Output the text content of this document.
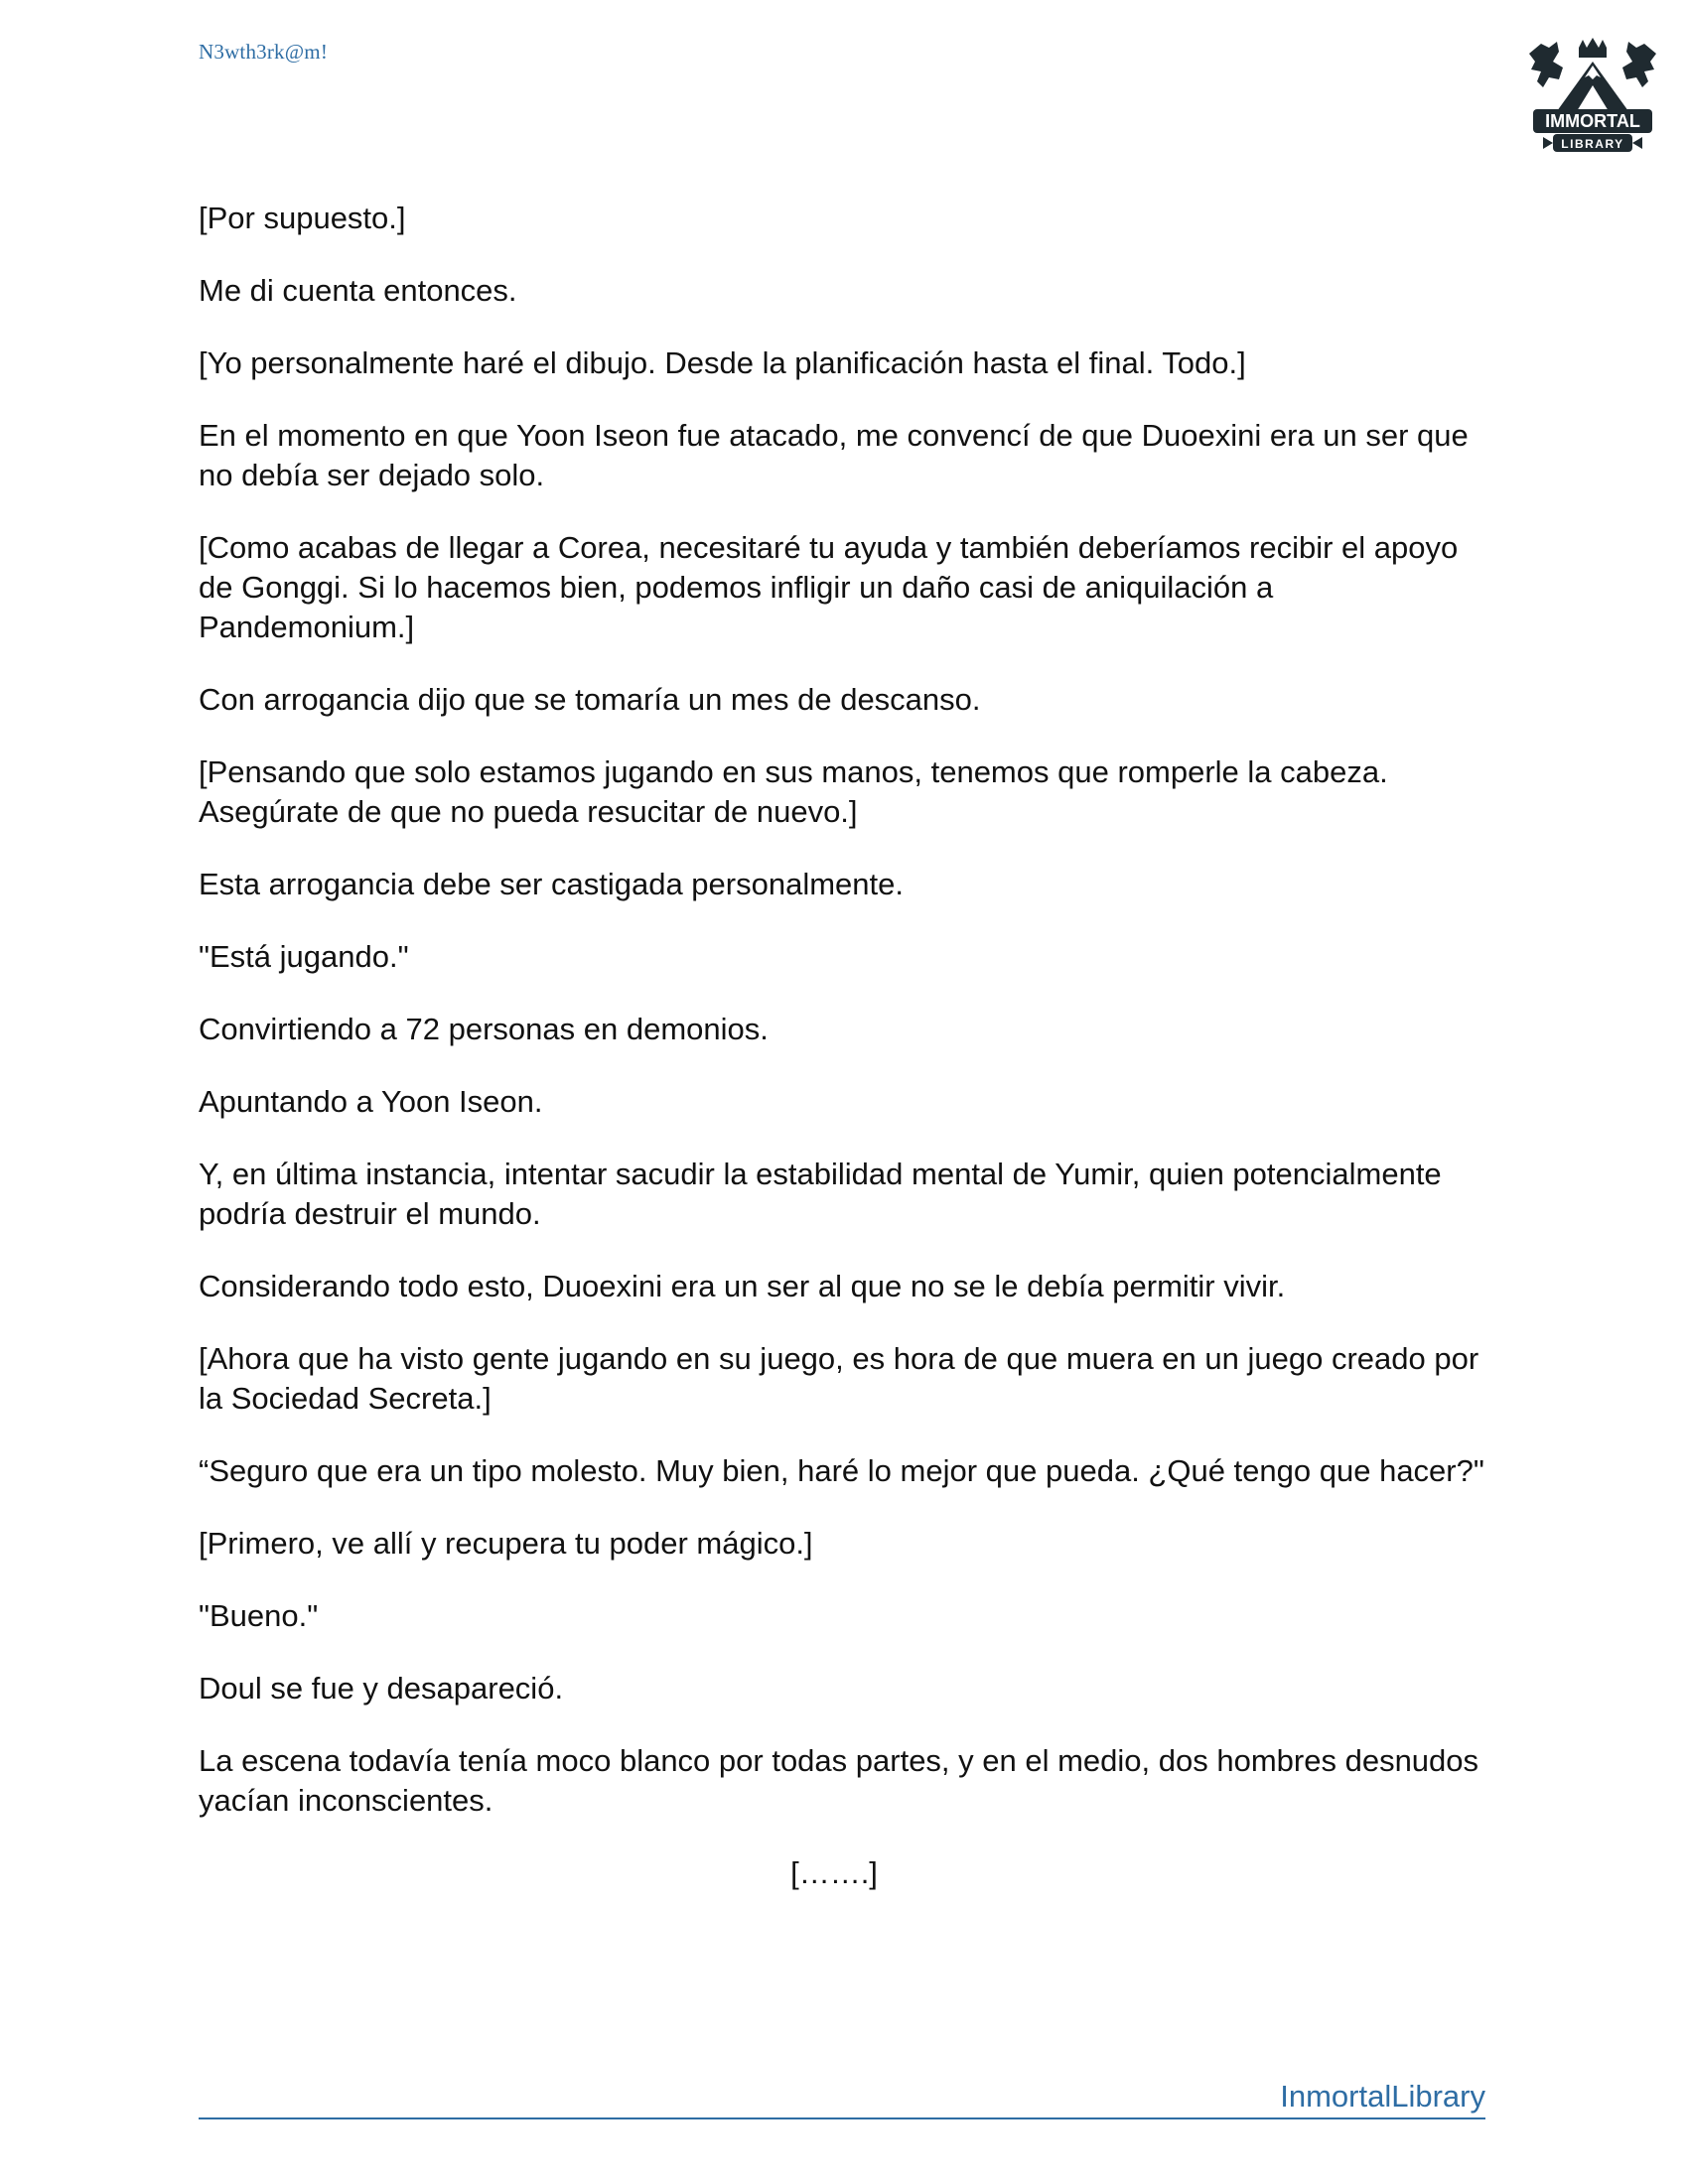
N3wth3rk@m!
IMMORTAL
LIBRARY

[Por supuesto.]

Me di cuenta entonces.

[Yo personalmente haré el dibujo. Desde la planificación hasta el final. Todo.]

En el momento en que Yoon Iseon fue atacado, me convencí de que Duoexini era un ser que no debía ser dejado solo.

[Como acabas de llegar a Corea, necesitaré tu ayuda y también deberíamos recibir el apoyo de Gonggi. Si lo hacemos bien, podemos infligir un daño casi de aniquilación a Pandemonium.]

Con arrogancia dijo que se tomaría un mes de descanso.

[Pensando que solo estamos jugando en sus manos, tenemos que romperle la cabeza. Asegúrate de que no pueda resucitar de nuevo.]

Esta arrogancia debe ser castigada personalmente.

"Está jugando."

Convirtiendo a 72 personas en demonios.

Apuntando a Yoon Iseon.

Y, en última instancia, intentar sacudir la estabilidad mental de Yumir, quien potencialmente podría destruir el mundo.

Considerando todo esto, Duoexini era un ser al que no se le debía permitir vivir.

[Ahora que ha visto gente jugando en su juego, es hora de que muera en un juego creado por la Sociedad Secreta.]

“Seguro que era un tipo molesto. Muy bien, haré lo mejor que pueda. ¿Qué tengo que hacer?"

[Primero, ve allí y recupera tu poder mágico.]

"Bueno."

Doul se fue y desapareció.

La escena todavía tenía moco blanco por todas partes, y en el medio, dos hombres desnudos yacían inconscientes.

[…….]

InmortalLibrary
